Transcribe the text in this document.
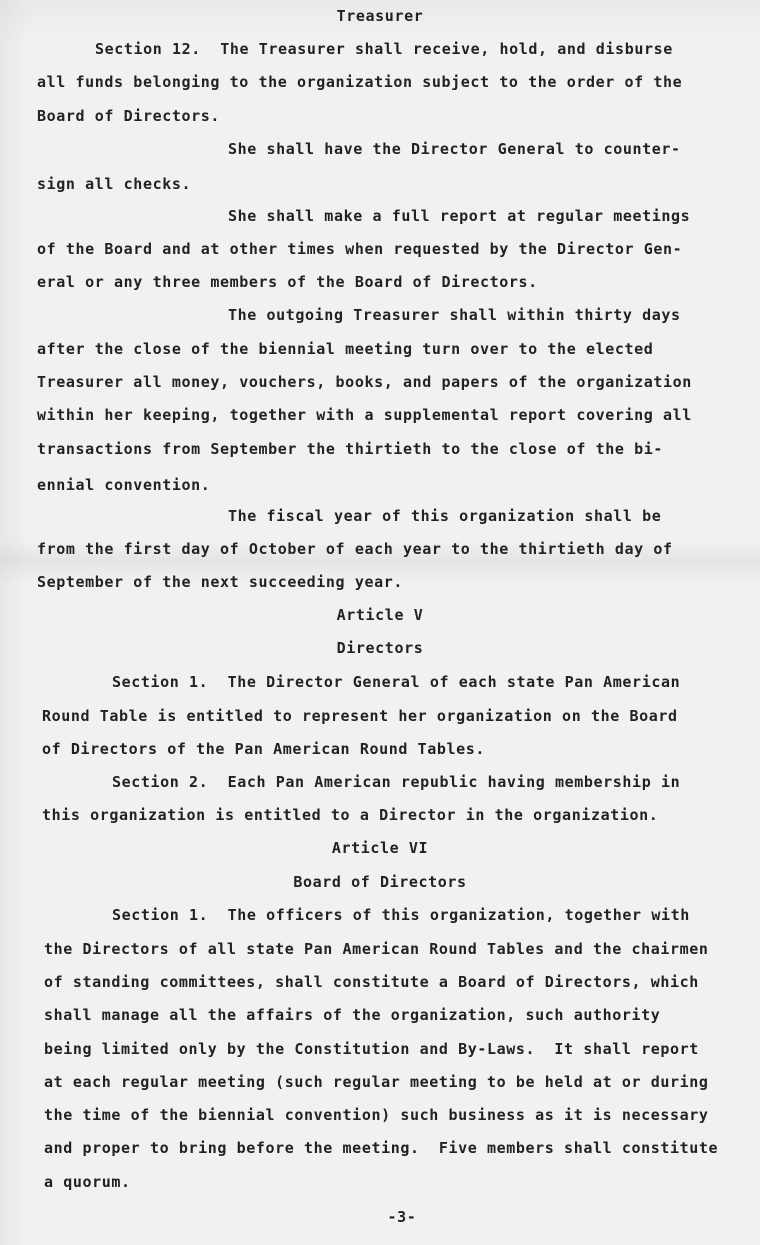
Treasurer
Section 12.  The Treasurer shall receive, hold, and disburse
all funds belonging to the organization subject to the order of the
Board of Directors.
She shall have the Director General to counter-
sign all checks.
She shall make a full report at regular meetings
of the Board and at other times when requested by the Director Gen-
eral or any three members of the Board of Directors.
The outgoing Treasurer shall within thirty days
after the close of the biennial meeting turn over to the elected
Treasurer all money, vouchers, books, and papers of the organization
within her keeping, together with a supplemental report covering all
transactions from September the thirtieth to the close of the bi-
ennial convention.
The fiscal year of this organization shall be
from the first day of October of each year to the thirtieth day of
September of the next succeeding year.
Article V
Directors
Section 1.  The Director General of each state Pan American
Round Table is entitled to represent her organization on the Board
of Directors of the Pan American Round Tables.
Section 2.  Each Pan American republic having membership in
this organization is entitled to a Director in the organization.
Article VI
Board of Directors
Section 1.  The officers of this organization, together with
the Directors of all state Pan American Round Tables and the chairmen
of standing committees, shall constitute a Board of Directors, which
shall manage all the affairs of the organization, such authority
being limited only by the Constitution and By-Laws.  It shall report
at each regular meeting (such regular meeting to be held at or during
the time of the biennial convention) such business as it is necessary
and proper to bring before the meeting.  Five members shall constitute
a quorum.
-3-
